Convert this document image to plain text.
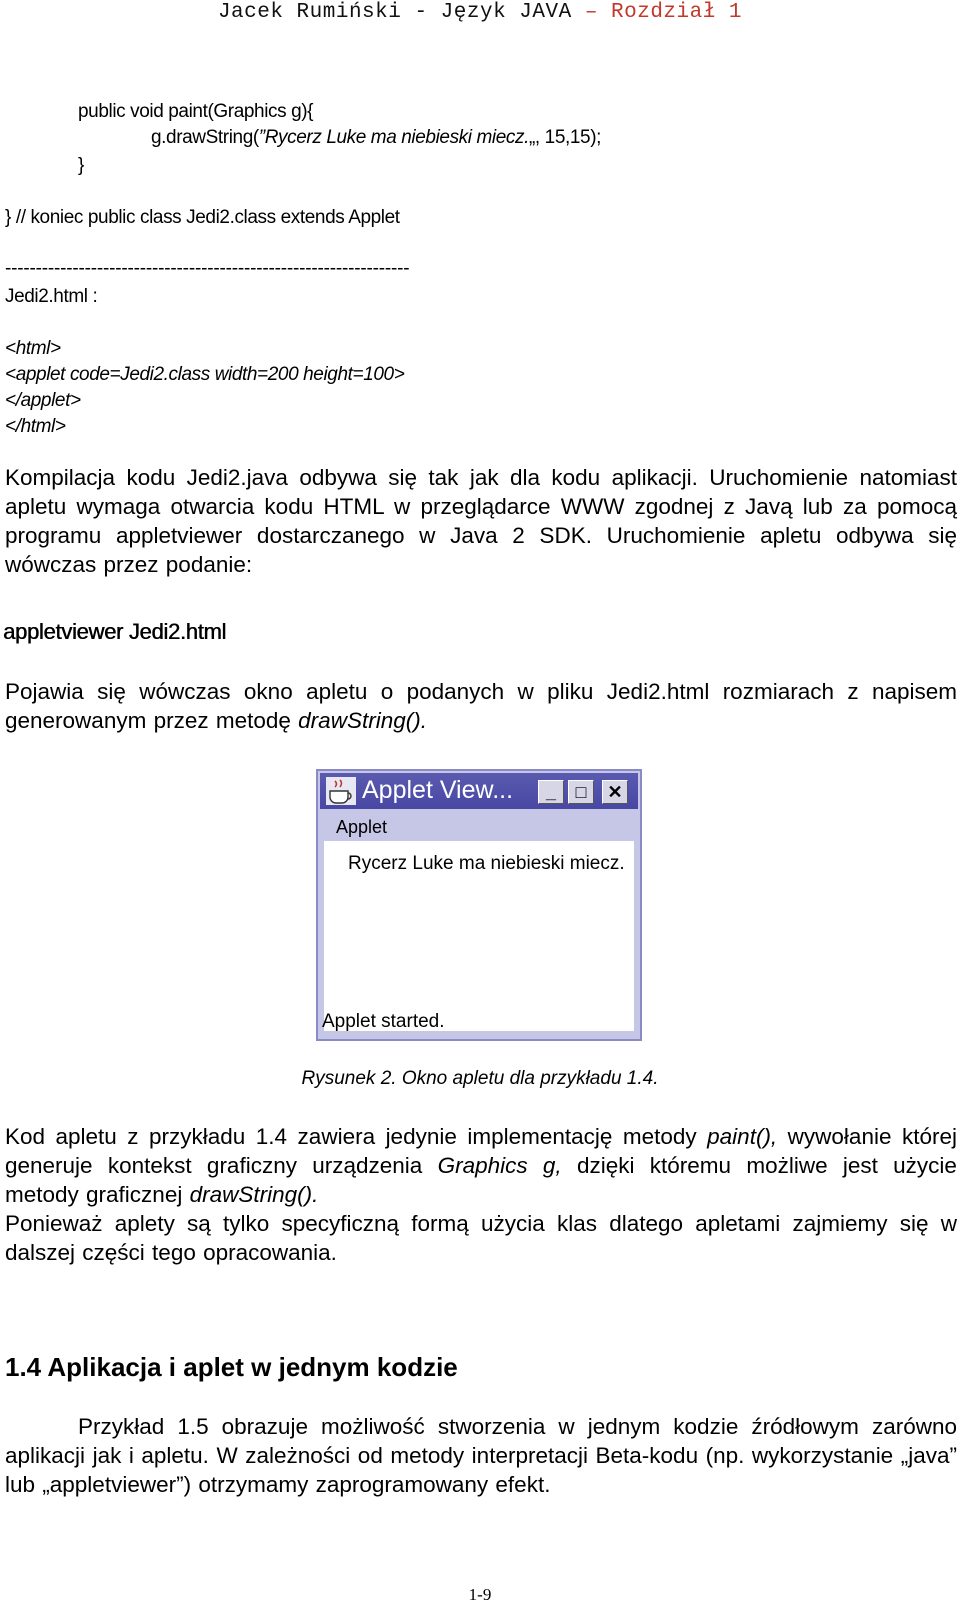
Jacek Rumiński - Język JAVA – Rozdział 1
public void paint(Graphics g){
g.drawString(”Rycerz Luke ma niebieski miecz.„, 15,15);
}
} // koniec public class Jedi2.class extends Applet
------------------------------------------------------------------
Jedi2.html :
<html>
<applet code=Jedi2.class width=200 height=100>
</applet>
</html>
Kompilacja kodu Jedi2.java odbywa się tak jak dla kodu aplikacji. Uruchomienie natomiast apletu wymaga otwarcia kodu HTML w przeglądarce WWW zgodnej z Javą lub za pomocą programu appletviewer dostarczanego w Java 2 SDK. Uruchomienie apletu odbywa się wówczas przez podanie:
appletviewer Jedi2.html
Pojawia się wówczas okno apletu o podanych w pliku Jedi2.html rozmiarach z napisem generowanym przez metodę drawString().
Applet View...	_	□	✕
Applet
Rycerz Luke ma niebieski miecz.
Applet started.
Rysunek 2. Okno apletu dla przykładu 1.4.
Kod apletu z przykładu 1.4 zawiera jedynie implementację metody paint(), wywołanie której generuje kontekst graficzny urządzenia Graphics g, dzięki któremu możliwe jest użycie metody graficznej drawString().
Ponieważ aplety są tylko specyficzną formą użycia klas dlatego apletami zajmiemy się w dalszej części tego opracowania.
1.4 Aplikacja i aplet w jednym kodzie
Przykład 1.5 obrazuje możliwość stworzenia w jednym kodzie źródłowym zarówno aplikacji jak i apletu. W zależności od metody interpretacji Beta-kodu (np. wykorzystanie „java” lub „appletviewer”) otrzymamy zaprogramowany efekt.
1-9
